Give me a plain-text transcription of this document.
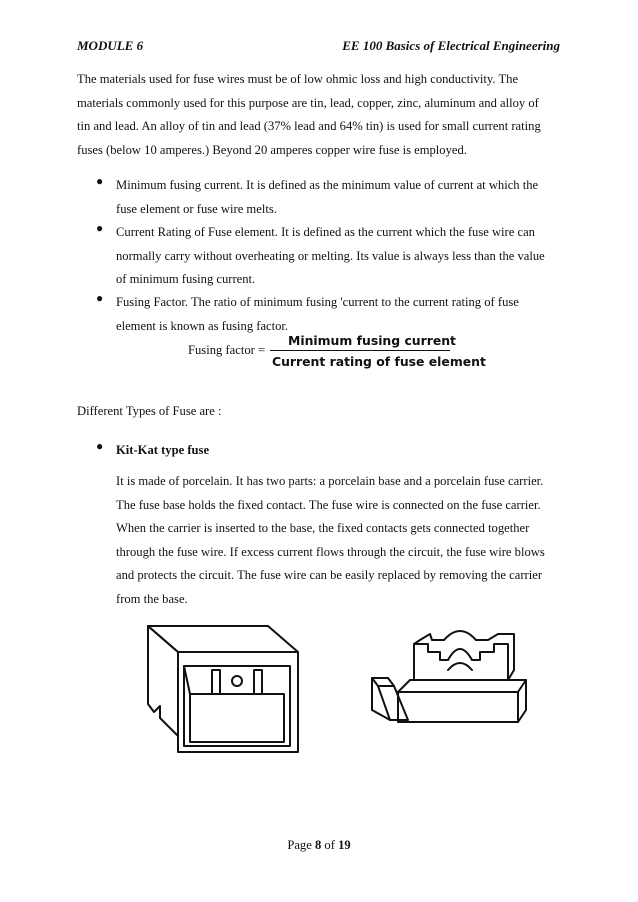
MODULE 6	EE 100 Basics of Electrical Engineering
The materials used for fuse wires must be of low ohmic loss and high conductivity. The
materials commonly used for this purpose are tin, lead, copper, zinc, aluminum and alloy of
tin and lead. An alloy of tin and lead (37% lead and 64% tin) is used for small current rating
fuses (below 10 amperes.) Beyond 20 amperes copper wire fuse is employed.
● Minimum fusing current. It is defined as the minimum value of current at which the
fuse element or fuse wire melts.
● Current Rating of Fuse element. It is defined as the current which the fuse wire can
normally carry without overheating or melting. Its value is always less than the value
of minimum fusing current.
● Fusing Factor. The ratio of minimum fusing 'current to the current rating of fuse
element is known as fusing factor.
Fusing factor =
Minimum fusing current
Current rating of fuse element
Different Types of Fuse are :
● Kit-Kat type fuse
It is made of porcelain. It has two parts: a porcelain base and a porcelain fuse carrier.
The fuse base holds the fixed contact. The fuse wire is connected on the fuse carrier.
When the carrier is inserted to the base, the fixed contacts gets connected together
through the fuse wire. If excess current flows through the circuit, the fuse wire blows
and protects the circuit. The fuse wire can be easily replaced by removing the carrier
from the base.
Page 8 of 19
